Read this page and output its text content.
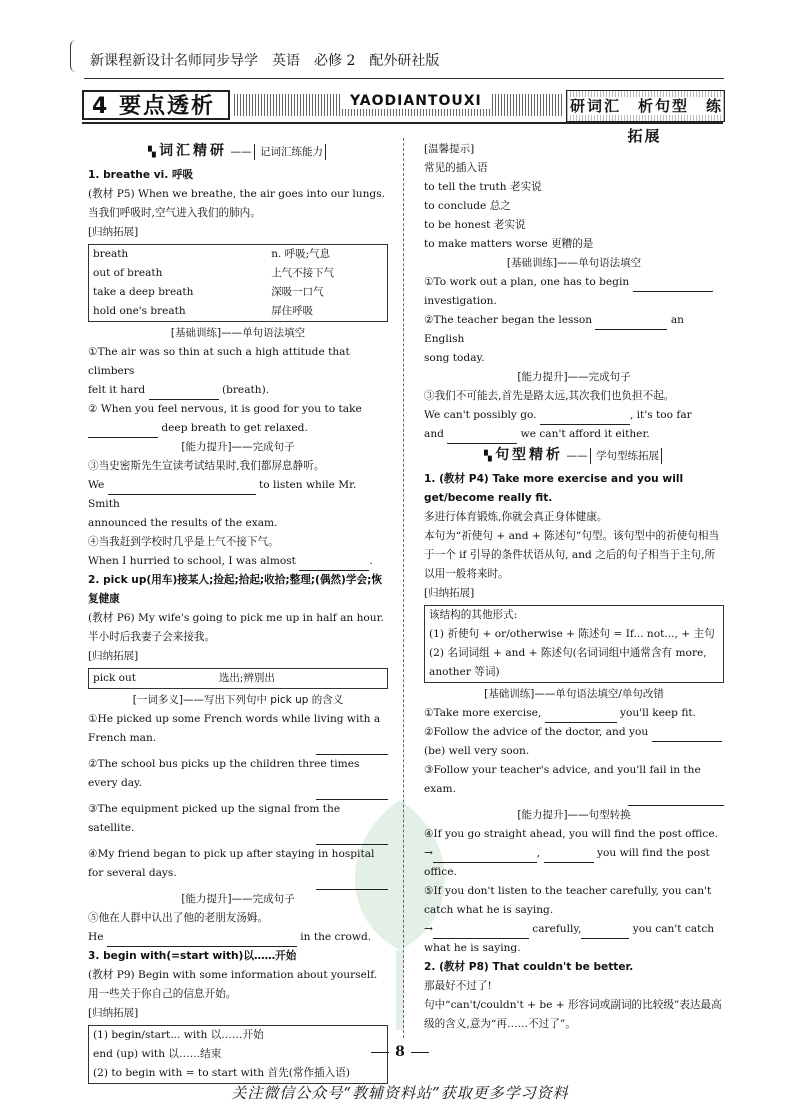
新课程新设计名师同步导学　英语　必修 2　配外研社版
4 要点透析	YAODIANTOUXI	研词汇　析句型　练拓展
▚ 词汇精研 —— 记词汇练能力

1. breathe vi. 呼吸

(教材 P5) When we breathe, the air goes into our lungs.

当我们呼吸时,空气进入我们的肺内。

[归纳拓展]

breath	n. 呼吸;气息
out of breath	上气不接下气
take a deep breath	深吸一口气
hold one's breath	屏住呼吸

[基础训练]——单句语法填空

①The air was so thin at such a high attitude that climbers

felt it hard	(breath).

② When you feel nervous, it is good for you to take

deep breath to get relaxed.

[能力提升]——完成句子

③当史密斯先生宣读考试结果时,我们都屏息静听。

We	to listen while Mr. Smith

announced the results of the exam.

④当我赶到学校时几乎是上气不接下气。

When I hurried to school, I was almost	.

2. pick up(用车)接某人;捡起;拾起;收拾;整理;(偶然)学会;恢复健康

(教材 P6) My wife's going to pick me up in half an hour.

半小时后我妻子会来接我。

[归纳拓展]

pick out	选出;辨别出

[一词多义]——写出下列句中 pick up 的含义

①He picked up some French words while living with a French man.

②The school bus picks up the children three times every day.

③The equipment picked up the signal from the satellite.

④My friend began to pick up after staying in hospital for several days.

[能力提升]——完成句子

⑤他在人群中认出了他的老朋友汤姆。

He	in the crowd.

3. begin with(=start with)以……开始

(教材 P9) Begin with some information about yourself.

用一些关于你自己的信息开始。

[归纳拓展]

(1) begin/start... with 以……开始

end (up) with 以……结束

(2) to begin with = to start with 首先(常作插入语)

[温馨提示]

常见的插入语

to tell the truth 老实说

to conclude 总之

to be honest 老实说

to make matters worse 更糟的是

[基础训练]——单句语法填空

①To work out a plan, one has to begin

investigation.

②The teacher began the lesson	an English

song today.

[能力提升]——完成句子

③我们不可能去,首先是路太远,其次我们也负担不起。

We can't possibly go.	, it's too far

and	we can't afford it either.

▚ 句型精析 —— 学句型练拓展

1. (教材 P4) Take more exercise and you will get/become really fit.

多进行体育锻炼,你就会真正身体健康。

本句为“祈使句 + and + 陈述句”句型。该句型中的祈使句相当于一个 if 引导的条件状语从句, and 之后的句子相当于主句,所以用一般将来时。

[归纳拓展]

该结构的其他形式:

(1) 祈使句 + or/otherwise + 陈述句 = If... not..., + 主句

(2) 名词词组 + and + 陈述句(名词词组中通常含有 more, another 等词)

[基础训练]——单句语法填空/单句改错

①Take more exercise,	you'll keep fit.

②Follow the advice of the doctor, and you

(be) well very soon.

③Follow your teacher's advice, and you'll fail in the exam.

[能力提升]——句型转换

④If you go straight ahead, you will find the post office.

→	,	you will find the post

office.

⑤If you don't listen to the teacher carefully, you can't catch what he is saying.

→	carefully,	you can't catch

what he is saying.

2. (教材 P8) That couldn't be better.

那最好不过了!

句中“can't/couldn't + be + 形容词或副词的比较级”表达最高级的含义,意为“再……不过了”。

8
关注微信公众号“教辅资料站”获取更多学习资料
